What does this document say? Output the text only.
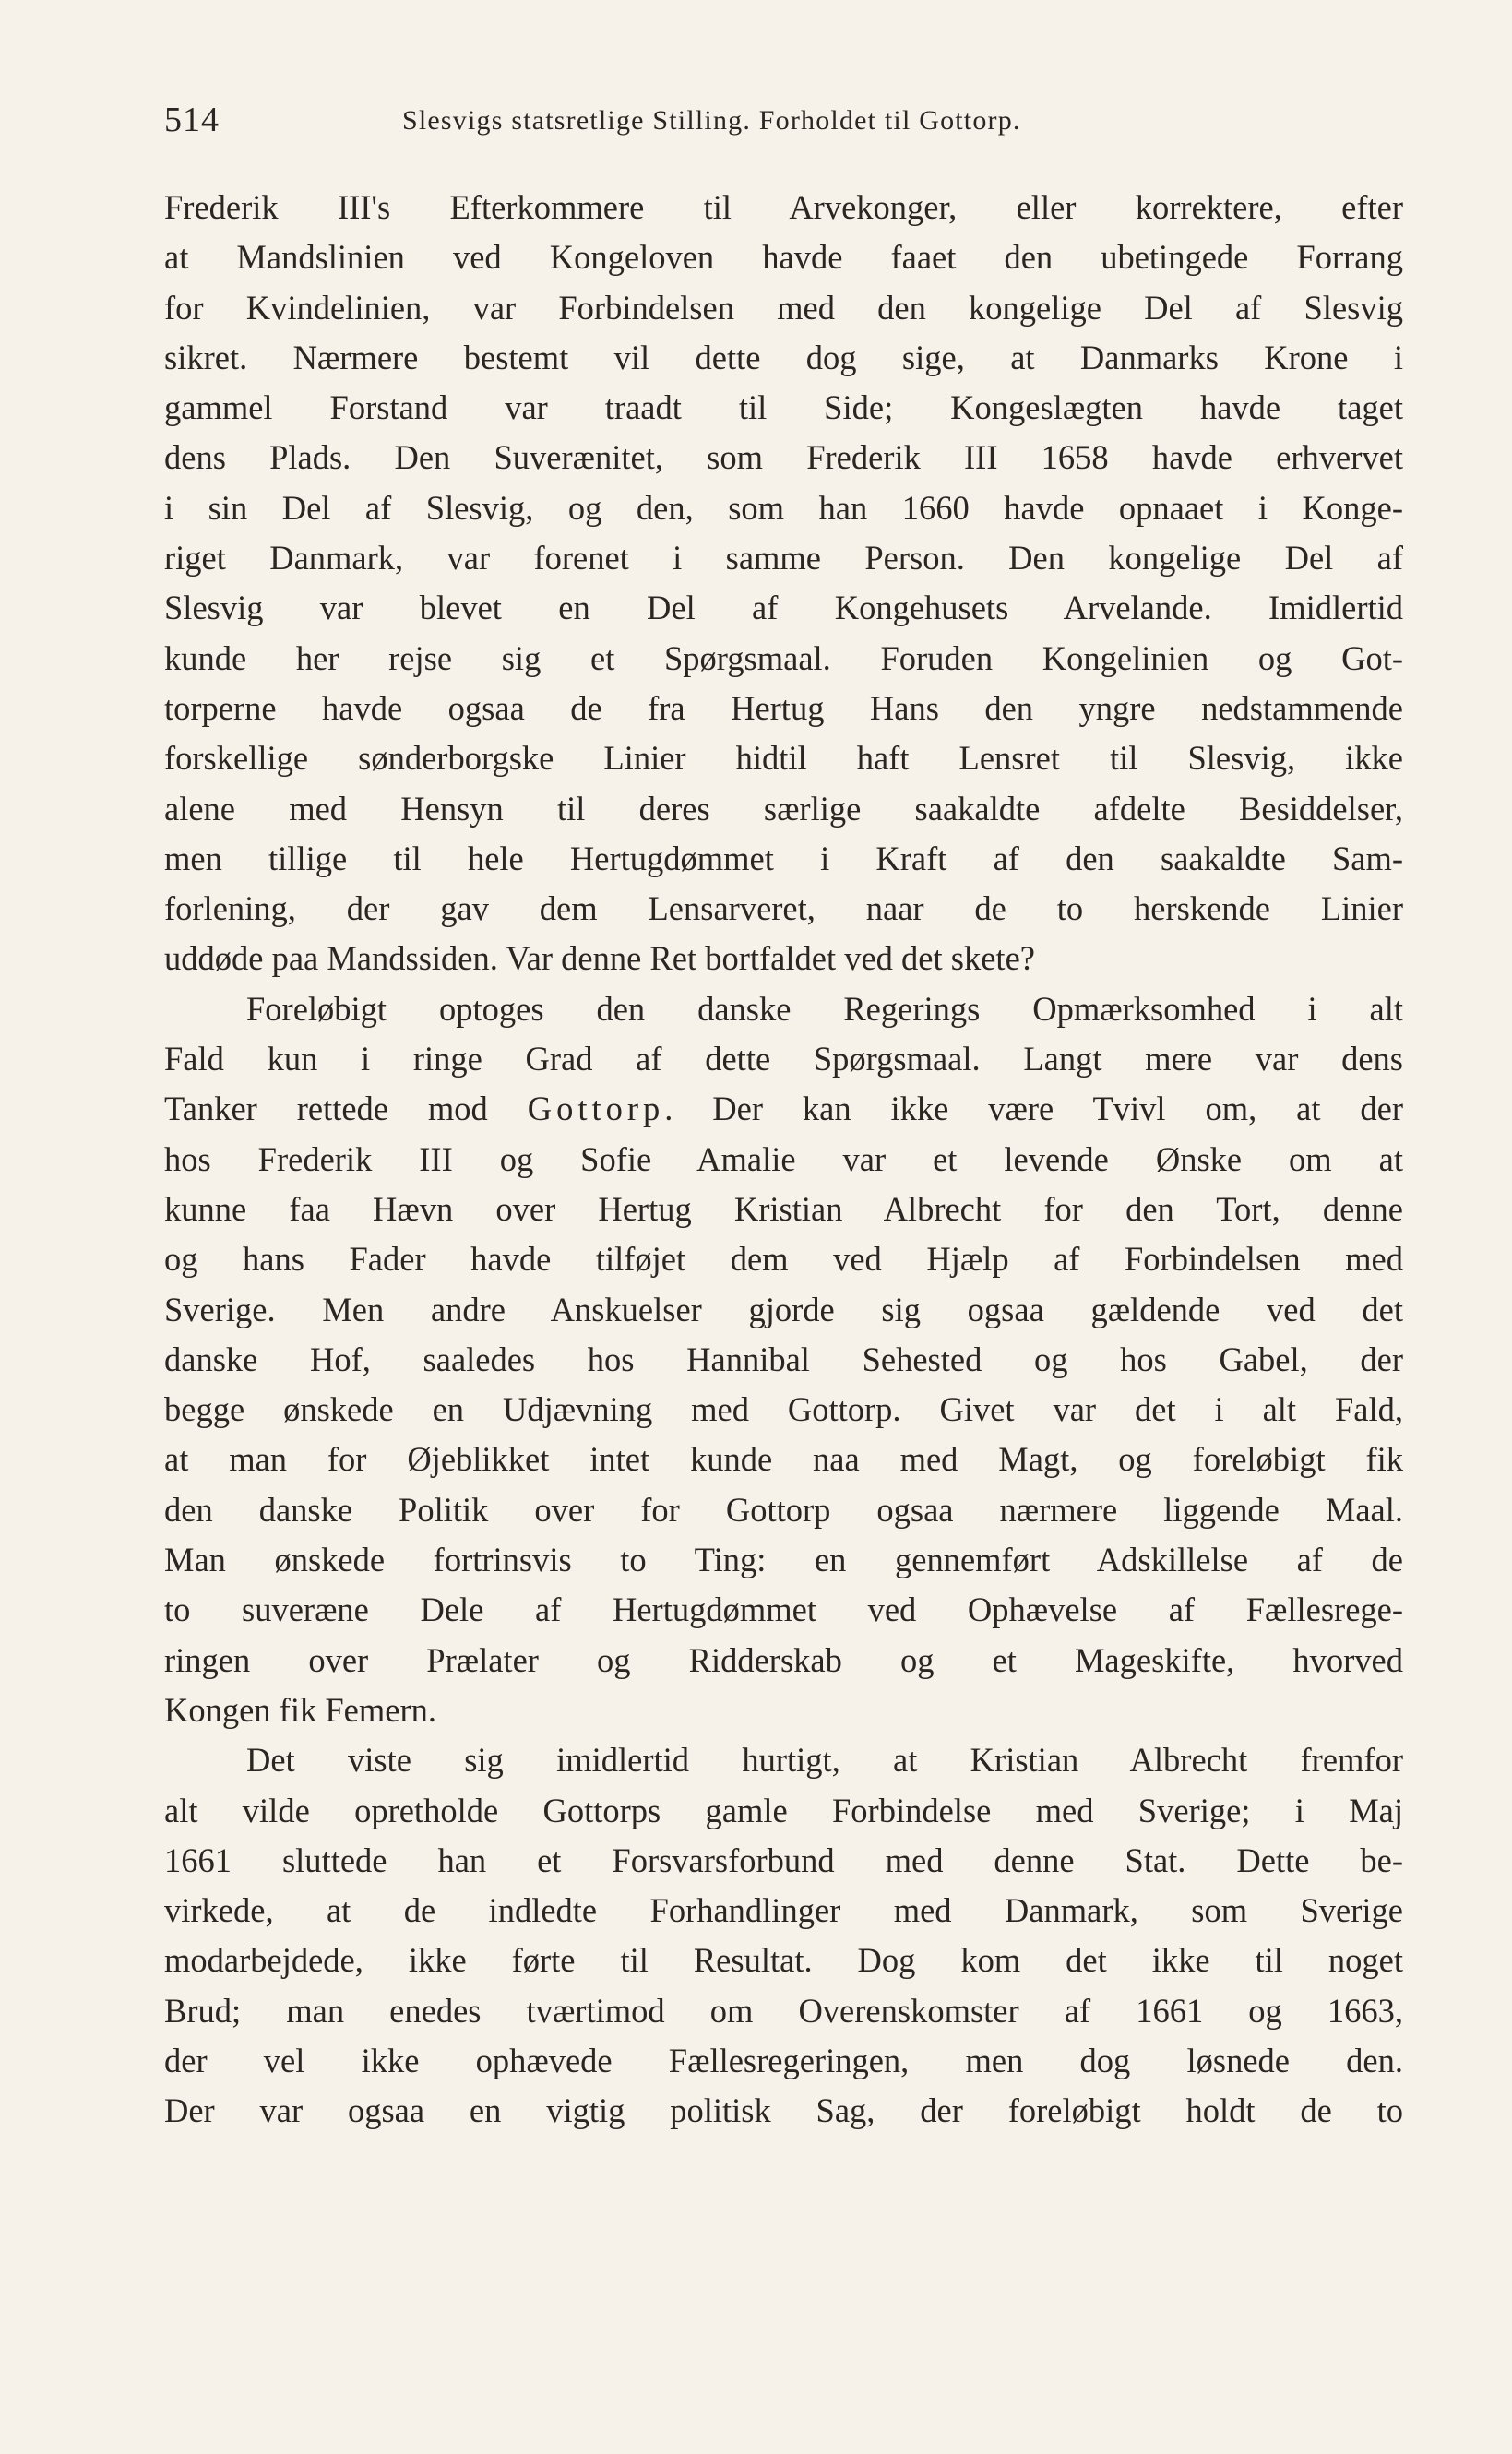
514	Slesvigs statsretlige Stilling. Forholdet til Gottorp.
Frederik III's Efterkommere til Arvekonger, eller korrektere, efter
at Mandslinien ved Kongeloven havde faaet den ubetingede Forrang
for Kvindelinien, var Forbindelsen med den kongelige Del af Slesvig
sikret. Nærmere bestemt vil dette dog sige, at Danmarks Krone i
gammel Forstand var traadt til Side; Kongeslægten havde taget
dens Plads. Den Suverænitet, som Frederik III 1658 havde erhvervet
i sin Del af Slesvig, og den, som han 1660 havde opnaaet i Konge-
riget Danmark, var forenet i samme Person. Den kongelige Del af
Slesvig var blevet en Del af Kongehusets Arvelande. Imidlertid
kunde her rejse sig et Spørgsmaal. Foruden Kongelinien og Got-
torperne havde ogsaa de fra Hertug Hans den yngre nedstammende
forskellige sønderborgske Linier hidtil haft Lensret til Slesvig, ikke
alene med Hensyn til deres særlige saakaldte afdelte Besiddelser,
men tillige til hele Hertugdømmet i Kraft af den saakaldte Sam-
forlening, der gav dem Lensarveret, naar de to herskende Linier
uddøde paa Mandssiden. Var denne Ret bortfaldet ved det skete?
Foreløbigt optoges den danske Regerings Opmærksomhed i alt
Fald kun i ringe Grad af dette Spørgsmaal. Langt mere var dens
Tanker rettede mod Gottorp. Der kan ikke være Tvivl om, at der
hos Frederik III og Sofie Amalie var et levende Ønske om at
kunne faa Hævn over Hertug Kristian Albrecht for den Tort, denne
og hans Fader havde tilføjet dem ved Hjælp af Forbindelsen med
Sverige. Men andre Anskuelser gjorde sig ogsaa gældende ved det
danske Hof, saaledes hos Hannibal Sehested og hos Gabel, der
begge ønskede en Udjævning med Gottorp. Givet var det i alt Fald,
at man for Øjeblikket intet kunde naa med Magt, og foreløbigt fik
den danske Politik over for Gottorp ogsaa nærmere liggende Maal.
Man ønskede fortrinsvis to Ting: en gennemført Adskillelse af de
to suveræne Dele af Hertugdømmet ved Ophævelse af Fællesrege-
ringen over Prælater og Ridderskab og et Mageskifte, hvorved
Kongen fik Femern.
Det viste sig imidlertid hurtigt, at Kristian Albrecht fremfor
alt vilde opretholde Gottorps gamle Forbindelse med Sverige; i Maj
1661 sluttede han et Forsvarsforbund med denne Stat. Dette be-
virkede, at de indledte Forhandlinger med Danmark, som Sverige
modarbejdede, ikke førte til Resultat. Dog kom det ikke til noget
Brud; man enedes tværtimod om Overenskomster af 1661 og 1663,
der vel ikke ophævede Fællesregeringen, men dog løsnede den.
Der var ogsaa en vigtig politisk Sag, der foreløbigt holdt de to
